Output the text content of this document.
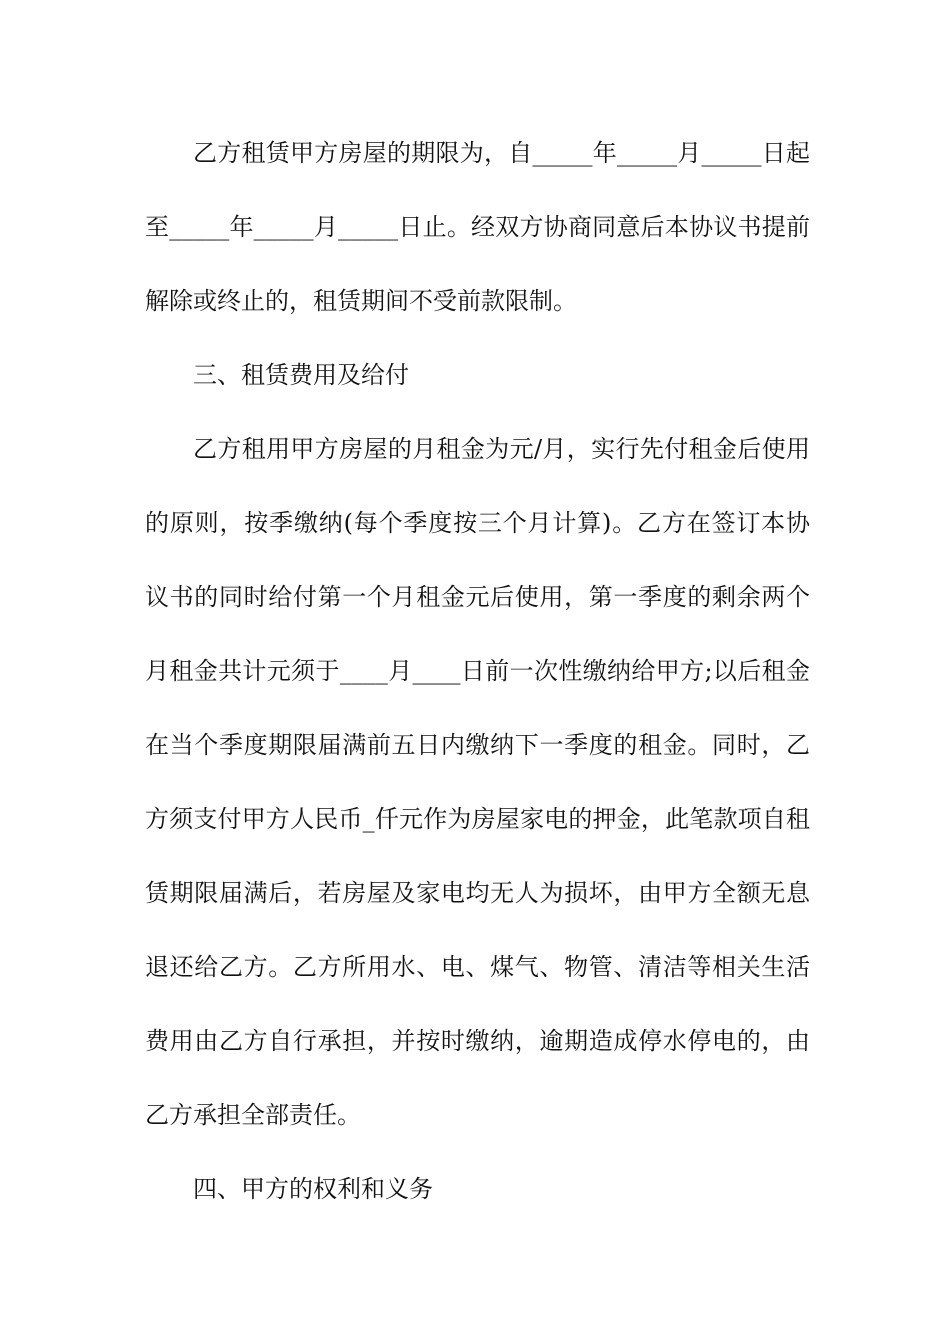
乙方租赁甲方房屋的期限为，自_____年_____月_____日起
至_____年_____月_____日止。经双方协商同意后本协议书提前
解除或终止的，租赁期间不受前款限制。
三、租赁费用及给付
乙方租用甲方房屋的月租金为元/月，实行先付租金后使用
的原则，按季缴纳(每个季度按三个月计算)。乙方在签订本协
议书的同时给付第一个月租金元后使用，第一季度的剩余两个
月租金共计元须于____月____日前一次性缴纳给甲方;以后租金
在当个季度期限届满前五日内缴纳下一季度的租金。同时，乙
方须支付甲方人民币_仟元作为房屋家电的押金，此笔款项自租
赁期限届满后，若房屋及家电均无人为损坏，由甲方全额无息
退还给乙方。乙方所用水、电、煤气、物管、清洁等相关生活
费用由乙方自行承担，并按时缴纳，逾期造成停水停电的，由
乙方承担全部责任。
四、甲方的权利和义务
